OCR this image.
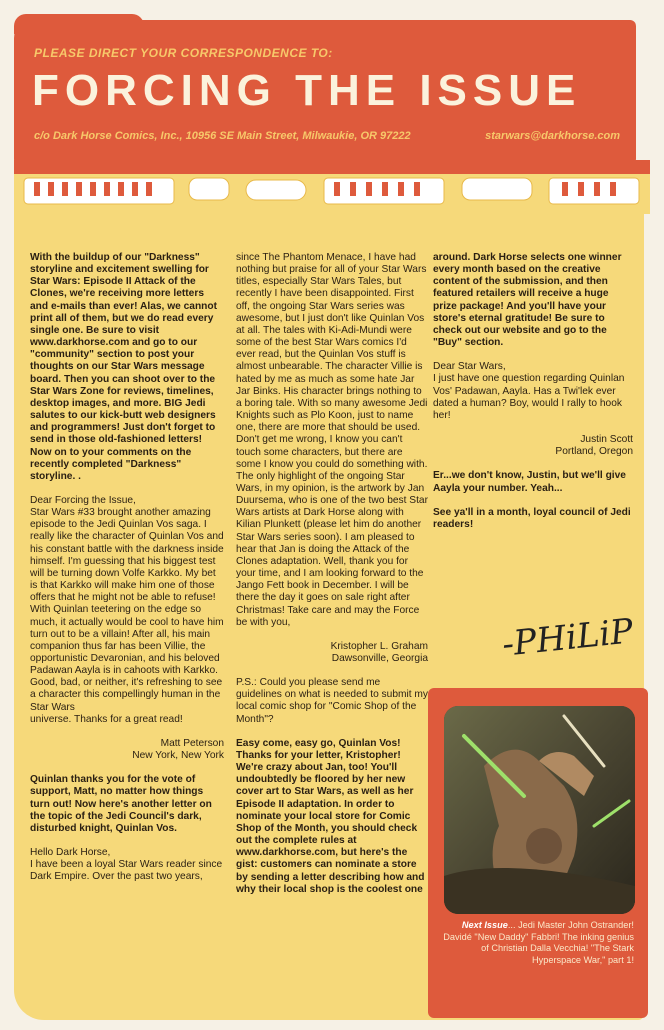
PLEASE DIRECT YOUR CORRESPONDENCE TO:
FORCING THE ISSUE
c/o Dark Horse Comics, Inc., 10956 SE Main Street, Milwaukie, OR 97222	starwars@darkhorse.com

With the buildup of our "Darkness" storyline and excitement swelling for Star Wars: Episode II Attack of the Clones, we're receiving more letters and e-mails than ever! Alas, we cannot print all of them, but we do read every single one. Be sure to visit www.darkhorse.com and go to our "community" section to post your thoughts on our Star Wars message board. Then you can shoot over to the Star Wars Zone for reviews, timelines, desktop images, and more. BIG Jedi salutes to our kick-butt web designers and programmers! Just don't forget to send in those old-fashioned letters! Now on to your comments on the recently completed "Darkness" storyline. .

Dear Forcing the Issue,
Star Wars #33 brought another amazing episode to the Jedi Quinlan Vos saga. I really like the character of Quinlan Vos and his constant battle with the darkness inside himself. I'm guessing that his biggest test will be turning down Volfe Karkko. My bet is that Karkko will make him one of those offers that he might not be able to refuse! With Quinlan teetering on the edge so much, it actually would be cool to have him turn out to be a villain! After all, his main companion thus far has been Villie, the opportunistic Devaronian, and his beloved Padawan Aayla is in cahoots with Karkko. Good, bad, or neither, it's refreshing to see a character this compellingly human in the Star Wars
universe. Thanks for a great read!

Matt Peterson
New York, New York

Quinlan thanks you for the vote of support, Matt, no matter how things turn out! Now here's another letter on the topic of the Jedi Council's dark, disturbed knight, Quinlan Vos.

Hello Dark Horse,
I have been a loyal Star Wars reader since Dark Empire. Over the past two years,

since The Phantom Menace, I have had nothing but praise for all of your Star Wars titles, especially Star Wars Tales, but recently I have been disappointed. First off, the ongoing Star Wars series was awesome, but I just don't like Quinlan Vos at all. The tales with Ki-Adi-Mundi were some of the best Star Wars comics I'd ever read, but the Quinlan Vos stuff is almost unbearable. The character Villie is hated by me as much as some hate Jar Jar Binks. His character brings nothing to a boring tale. With so many awesome Jedi Knights such as Plo Koon, just to name one, there are more that should be used. Don't get me wrong, I know you can't touch some characters, but there are some I know you could do something with. The only highlight of the ongoing Star Wars, in my opinion, is the artwork by Jan Duursema, who is one of the two best Star Wars artists at Dark Horse along with Kilian Plunkett (please let him do another Star Wars series soon). I am pleased to hear that Jan is doing the Attack of the Clones adaptation. Well, thank you for your time, and I am looking forward to the Jango Fett book in December. I will be there the day it goes on sale right after Christmas! Take care and may the Force be with you,

Kristopher L. Graham
Dawsonville, Georgia

P.S.: Could you please send me guidelines on what is needed to submit my local comic shop for "Comic Shop of the Month"?

Easy come, easy go, Quinlan Vos! Thanks for your letter, Kristopher! We're crazy about Jan, too! You'll undoubtedly be floored by her new cover art to Star Wars, as well as her Episode II adaptation. In order to nominate your local store for Comic Shop of the Month, you should check out the complete rules at www.darkhorse.com, but here's the gist: customers can nominate a store by sending a letter describing how and why their local shop is the coolest one

around. Dark Horse selects one winner every month based on the creative content of the submission, and then featured retailers will receive a huge prize package! And you'll have your store's eternal gratitude! Be sure to check out our website and go to the "Buy" section.

Dear Star Wars,
I just have one question regarding Quinlan Vos' Padawan, Aayla. Has a Twi'lek ever dated a human? Boy, would I rally to hook her!

Justin Scott
Portland, Oregon

Er...we don't know, Justin, but we'll give Aayla your number. Yeah...

See ya'll in a month, loyal council of Jedi readers!

-PHiLiP
Next Issue... Jedi Master John Ostrander! Davidé "New Daddy" Fabbri! The inking genius of Christian Dalla Vecchia! "The Stark Hyperspace War," part 1!
